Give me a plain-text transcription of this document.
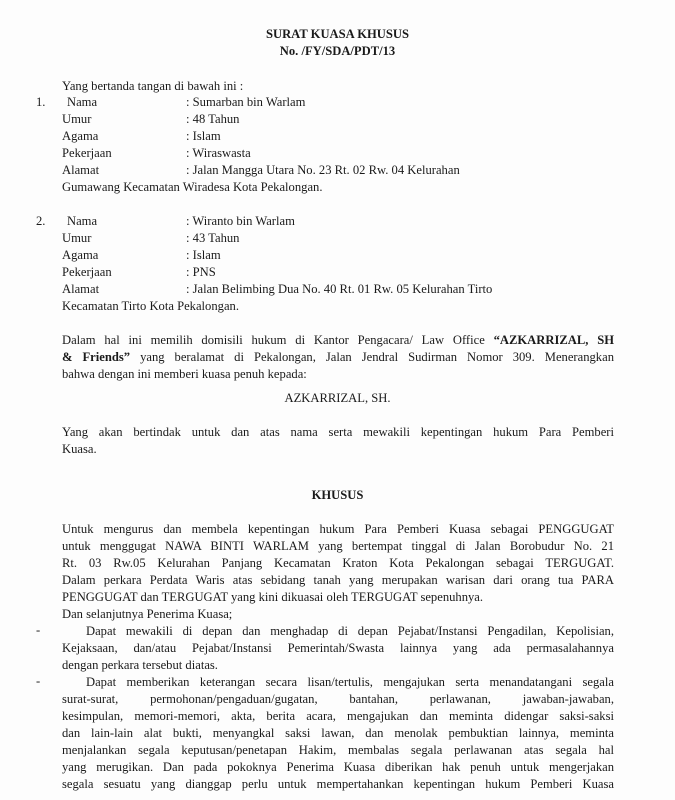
SURAT KUASA KHUSUS
No. /FY/SDA/PDT/13
Yang bertanda tangan di bawah ini :
1.	Nama	: Sumarban bin Warlam
Umur	: 48 Tahun
Agama	: Islam
Pekerjaan	: Wiraswasta
Alamat	: Jalan Mangga Utara No. 23 Rt. 02 Rw. 04 Kelurahan
Gumawang Kecamatan Wiradesa Kota Pekalongan.
2.	Nama	: Wiranto bin Warlam
Umur	: 43 Tahun
Agama	: Islam
Pekerjaan	: PNS
Alamat	: Jalan Belimbing Dua No. 40 Rt. 01 Rw. 05 Kelurahan Tirto
Kecamatan Tirto Kota Pekalongan.
Dalam hal ini memilih domisili hukum di Kantor Pengacara/ Law Office “AZKARRIZAL, SH
& Friends” yang beralamat di Pekalongan, Jalan Jendral Sudirman Nomor 309. Menerangkan
bahwa dengan ini memberi kuasa penuh kepada:
AZKARRIZAL, SH.
Yang akan bertindak untuk dan atas nama serta mewakili kepentingan hukum Para Pemberi
Kuasa.
KHUSUS
Untuk mengurus dan membela kepentingan hukum Para Pemberi Kuasa sebagai PENGGUGAT
untuk menggugat NAWA BINTI WARLAM yang bertempat tinggal di Jalan Borobudur No. 21
Rt. 03 Rw.05 Kelurahan Panjang Kecamatan Kraton Kota Pekalongan sebagai TERGUGAT.
Dalam perkara Perdata Waris atas sebidang tanah yang merupakan warisan dari orang tua PARA
PENGGUGAT dan TERGUGAT yang kini dikuasai oleh TERGUGAT sepenuhnya.
Dan selanjutnya Penerima Kuasa;
-	Dapat mewakili di depan dan menghadap di depan Pejabat/Instansi Pengadilan, Kepolisian,
Kejaksaan, dan/atau Pejabat/Instansi Pemerintah/Swasta lainnya yang ada permasalahannya
dengan perkara tersebut diatas.
-	Dapat memberikan keterangan secara lisan/tertulis, mengajukan serta menandatangani segala
surat-surat, permohonan/pengaduan/gugatan, bantahan, perlawanan, jawaban-jawaban,
kesimpulan, memori-memori, akta, berita acara, mengajukan dan meminta didengar saksi-saksi
dan lain-lain alat bukti, menyangkal saksi lawan, dan menolak pembuktian lainnya, meminta
menjalankan segala keputusan/penetapan Hakim, membalas segala perlawanan atas segala hal
yang merugikan. Dan pada pokoknya Penerima Kuasa diberikan hak penuh untuk mengerjakan
segala sesuatu yang dianggap perlu untuk mempertahankan kepentingan hukum Pemberi Kuasa
